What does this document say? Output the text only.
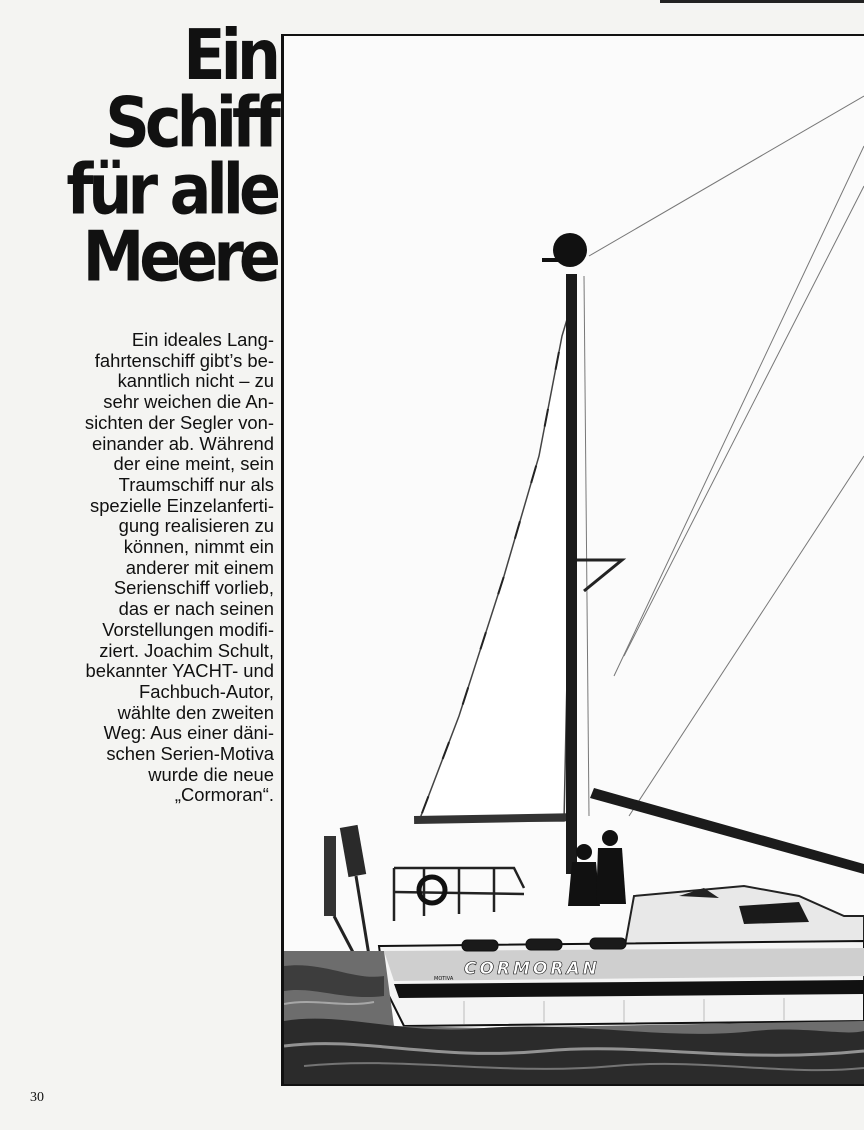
Ein
Schiff
für alle
Meere
Ein ideales Lang-
fahrtenschiff gibt’s be-
kanntlich nicht – zu
sehr weichen die An-
sichten der Segler von-
einander ab. Während
der eine meint, sein
Traumschiff nur als
spezielle Einzelanferti-
gung realisieren zu
können, nimmt ein
anderer mit einem
Serienschiff vorlieb,
das er nach seinen
Vorstellungen modifi-
ziert. Joachim Schult,
bekannter YACHT- und
Fachbuch-Autor,
wählte den zweiten
Weg: Aus einer däni-
schen Serien-Motiva
wurde die neue
„Cormoran“.
CORMORAN
MOTIVA
30
